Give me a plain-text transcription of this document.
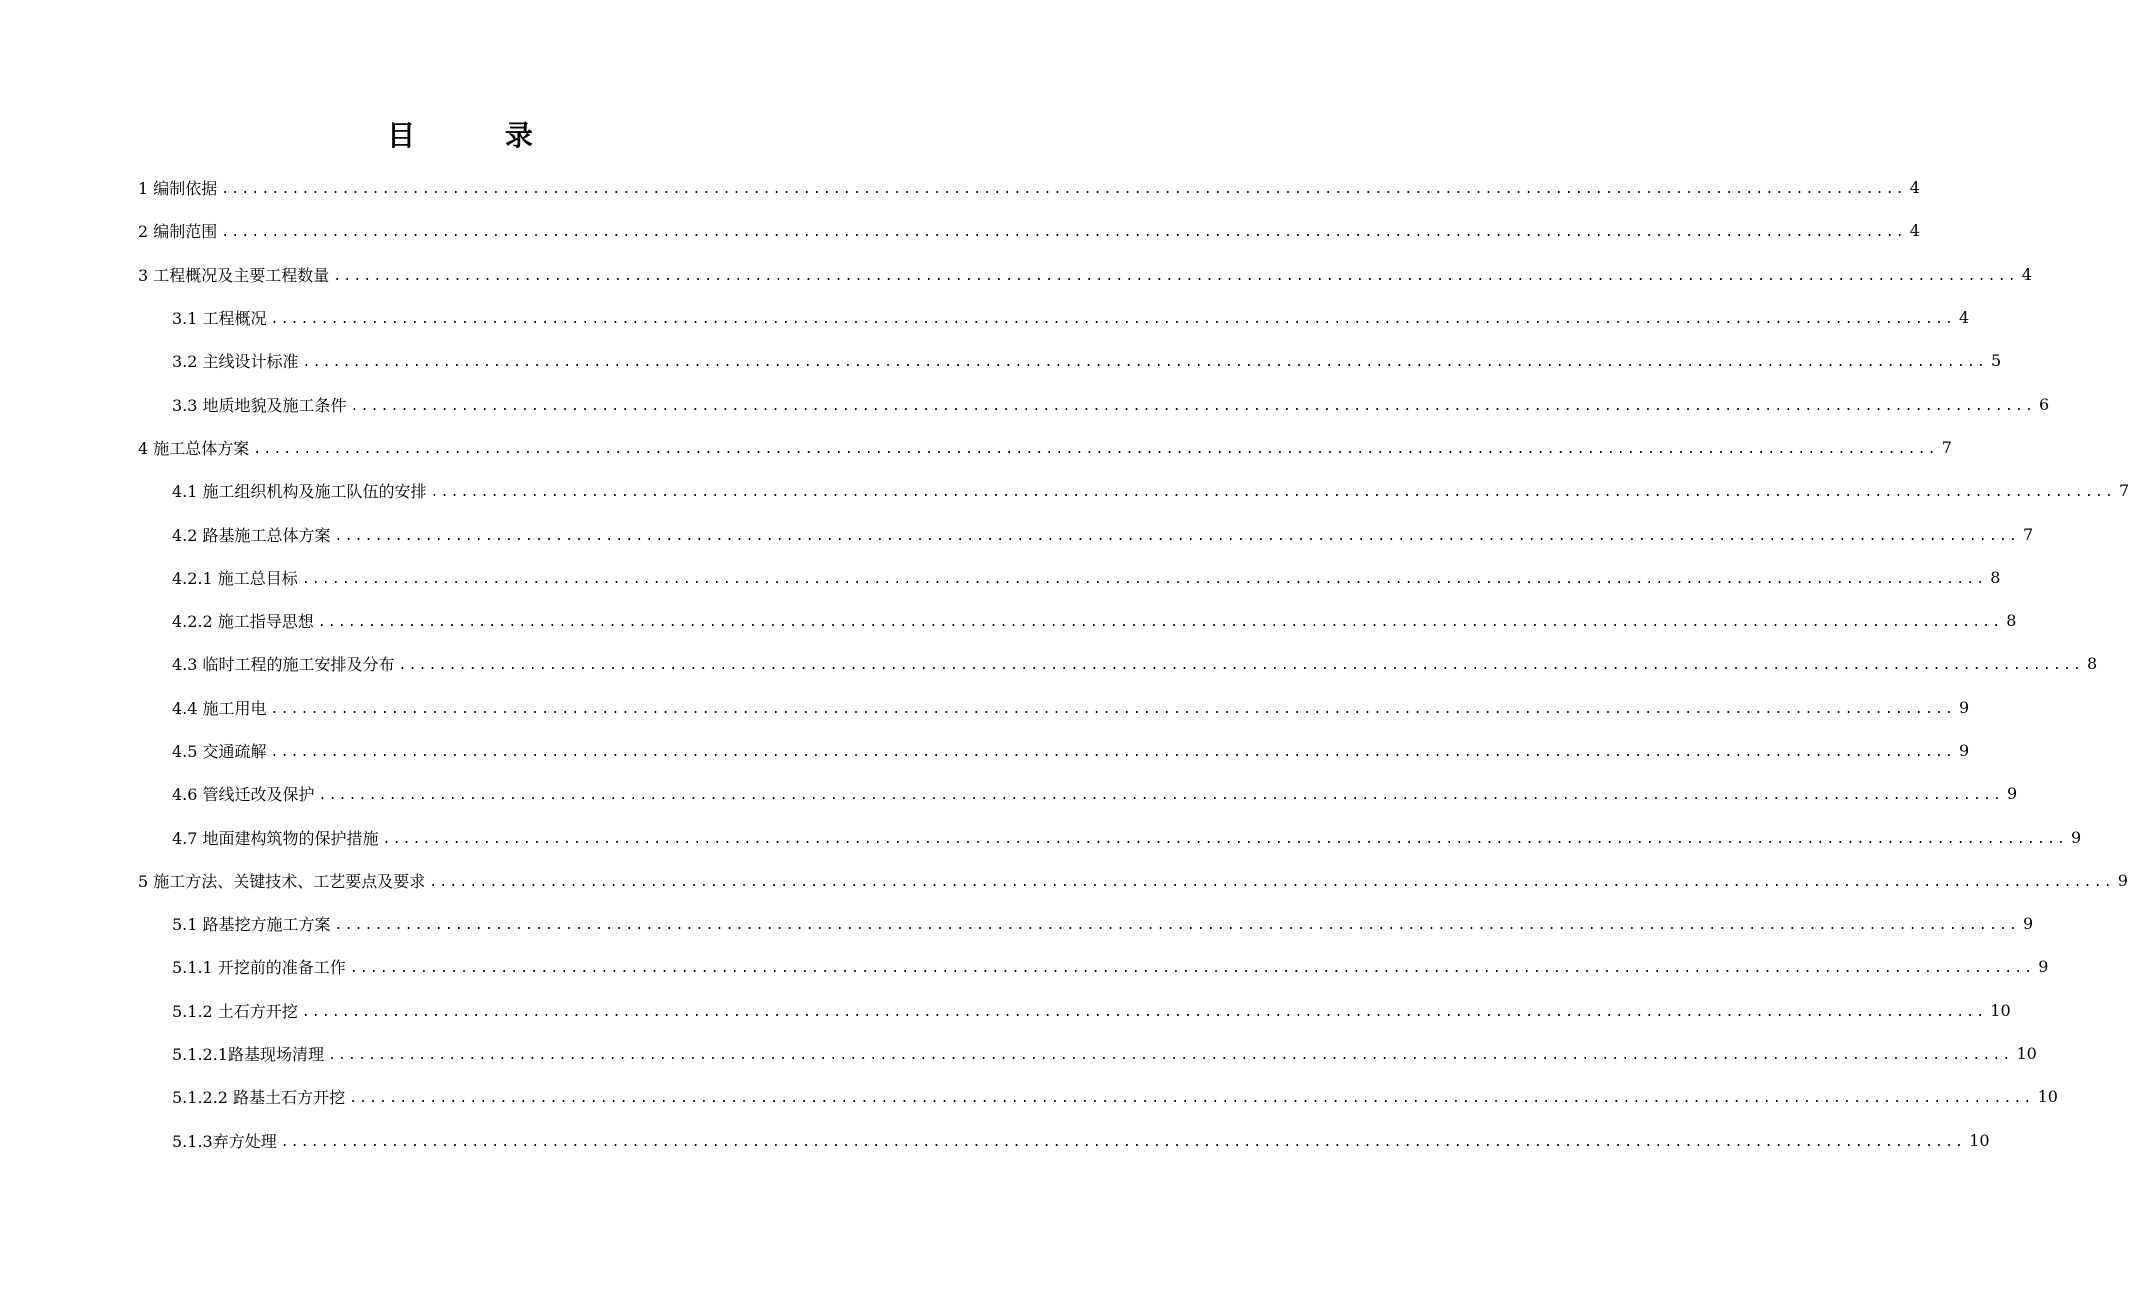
目 录
1 编制依据 ........................................................................................................................................................................ 4
2 编制范围 ........................................................................................................................................................................ 4
3 工程概况及主要工程数量 ........................................................................................................................................................................ 4
3.1 工程概况 ........................................................................................................................................................................ 4
3.2 主线设计标准 ........................................................................................................................................................................ 5
3.3 地质地貌及施工条件 ........................................................................................................................................................................ 6
4 施工总体方案 ........................................................................................................................................................................ 7
4.1 施工组织机构及施工队伍的安排 ........................................................................................................................................................................ 7
4.2 路基施工总体方案 ........................................................................................................................................................................ 7
4.2.1 施工总目标 ........................................................................................................................................................................ 8
4.2.2 施工指导思想 ........................................................................................................................................................................ 8
4.3 临时工程的施工安排及分布 ........................................................................................................................................................................ 8
4.4 施工用电 ........................................................................................................................................................................ 9
4.5 交通疏解 ........................................................................................................................................................................ 9
4.6 管线迁改及保护 ........................................................................................................................................................................ 9
4.7 地面建构筑物的保护措施 ........................................................................................................................................................................ 9
5 施工方法、关键技术、工艺要点及要求 ........................................................................................................................................................................ 9
5.1 路基挖方施工方案 ........................................................................................................................................................................ 9
5.1.1 开挖前的准备工作 ........................................................................................................................................................................ 9
5.1.2 土石方开挖 ........................................................................................................................................................................ 10
5.1.2.1路基现场清理 ........................................................................................................................................................................ 10
5.1.2.2 路基土石方开挖 ........................................................................................................................................................................ 10
5.1.3弃方处理 ........................................................................................................................................................................ 10
